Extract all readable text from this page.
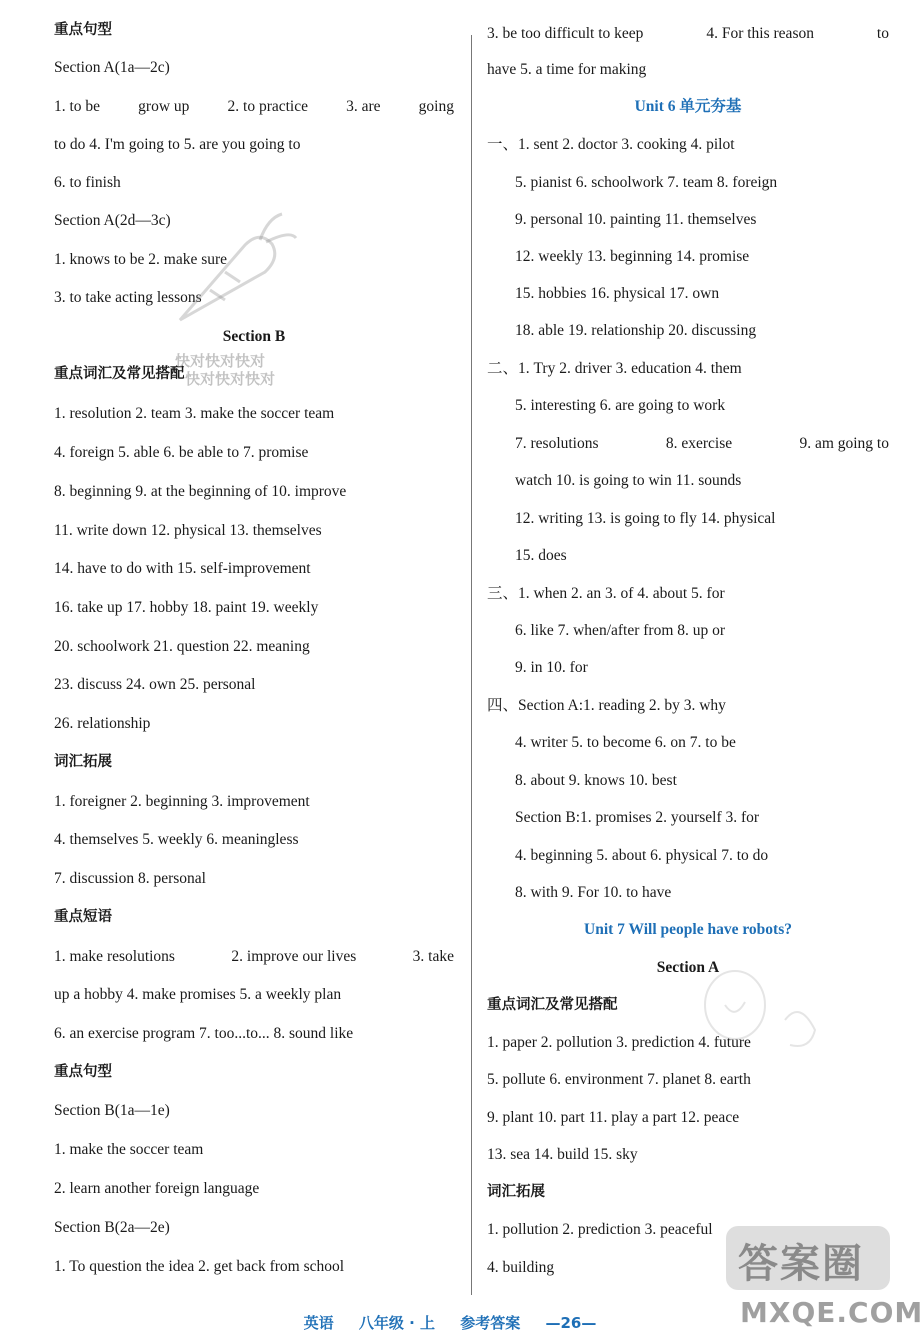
重点句型
Section A(1a—2c)
1. to be grow up 2. to practice 3. are going
to do 4. I'm going to 5. are you going to
6. to finish
Section A(2d—3c)
1. knows to be 2. make sure
3. to take acting lessons
Section B
重点词汇及常见搭配
1. resolution 2. team 3. make the soccer team
4. foreign 5. able 6. be able to 7. promise
8. beginning 9. at the beginning of 10. improve
11. write down 12. physical 13. themselves
14. have to do with 15. self-improvement
16. take up 17. hobby 18. paint 19. weekly
20. schoolwork 21. question 22. meaning
23. discuss 24. own 25. personal
26. relationship
词汇拓展
1. foreigner 2. beginning 3. improvement
4. themselves 5. weekly 6. meaningless
7. discussion 8. personal
重点短语
1. make resolutions	2. improve our lives	3. take
up a hobby 4. make promises 5. a weekly plan
6. an exercise program 7. too...to... 8. sound like
重点句型
Section B(1a—1e)
1. make the soccer team
2. learn another foreign language
Section B(2a—2e)
1. To question the idea 2. get back from school
3. be too difficult to keep	4. For this reason	to
have 5. a time for making
Unit 6 单元夯基
一、1. sent 2. doctor 3. cooking 4. pilot
5. pianist 6. schoolwork 7. team 8. foreign
9. personal 10. painting 11. themselves
12. weekly 13. beginning 14. promise
15. hobbies 16. physical 17. own
18. able 19. relationship 20. discussing
二、1. Try 2. driver 3. education 4. them
5. interesting 6. are going to work
7. resolutions	8. exercise	9. am going to
watch 10. is going to win 11. sounds
12. writing 13. is going to fly 14. physical
15. does
三、1. when 2. an 3. of 4. about 5. for
6. like 7. when/after from 8. up or
9. in 10. for
四、Section A:1. reading 2. by 3. why
4. writer 5. to become 6. on 7. to be
8. about 9. knows 10. best
Section B:1. promises 2. yourself 3. for
4. beginning 5. about 6. physical 7. to do
8. with 9. For 10. to have
Unit 7 Will people have robots?
Section A
重点词汇及常见搭配
1. paper 2. pollution 3. prediction 4. future
5. pollute 6. environment 7. planet 8. earth
9. plant 10. part 11. play a part 12. peace
13. sea 14. build 15. sky
词汇拓展
1. pollution 2. prediction 3. peaceful
4. building
快对快对快对
快对快对快对
答案圈
MXQE.COM
英语 八年级 · 上 参考答案 —26—
